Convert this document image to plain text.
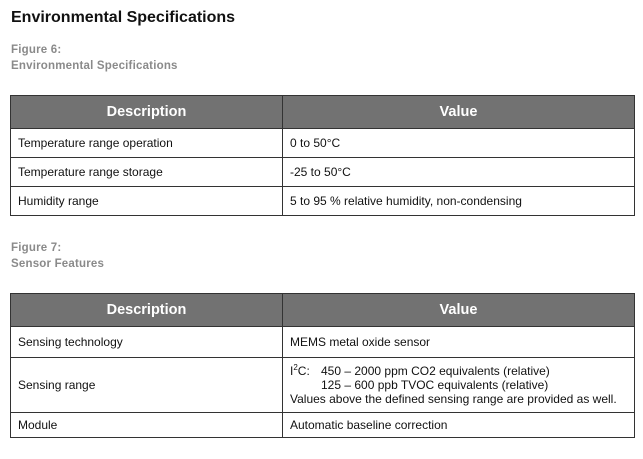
Environmental Specifications
Figure 6:
Environmental Specifications
Description	Value
Temperature range operation	0 to 50°C
Temperature range storage	-25 to 50°C
Humidity range	5 to 95 % relative humidity, non-condensing
Figure 7:
Sensor Features
Description	Value
Sensing technology	MEMS metal oxide sensor
Sensing range	$I^2C$: 450 – 2000 ppm CO2 equivalents (relative)
125 – 600 ppb TVOC equivalents (relative)
Values above the defined sensing range are provided as well.

Module	Automatic baseline correction
